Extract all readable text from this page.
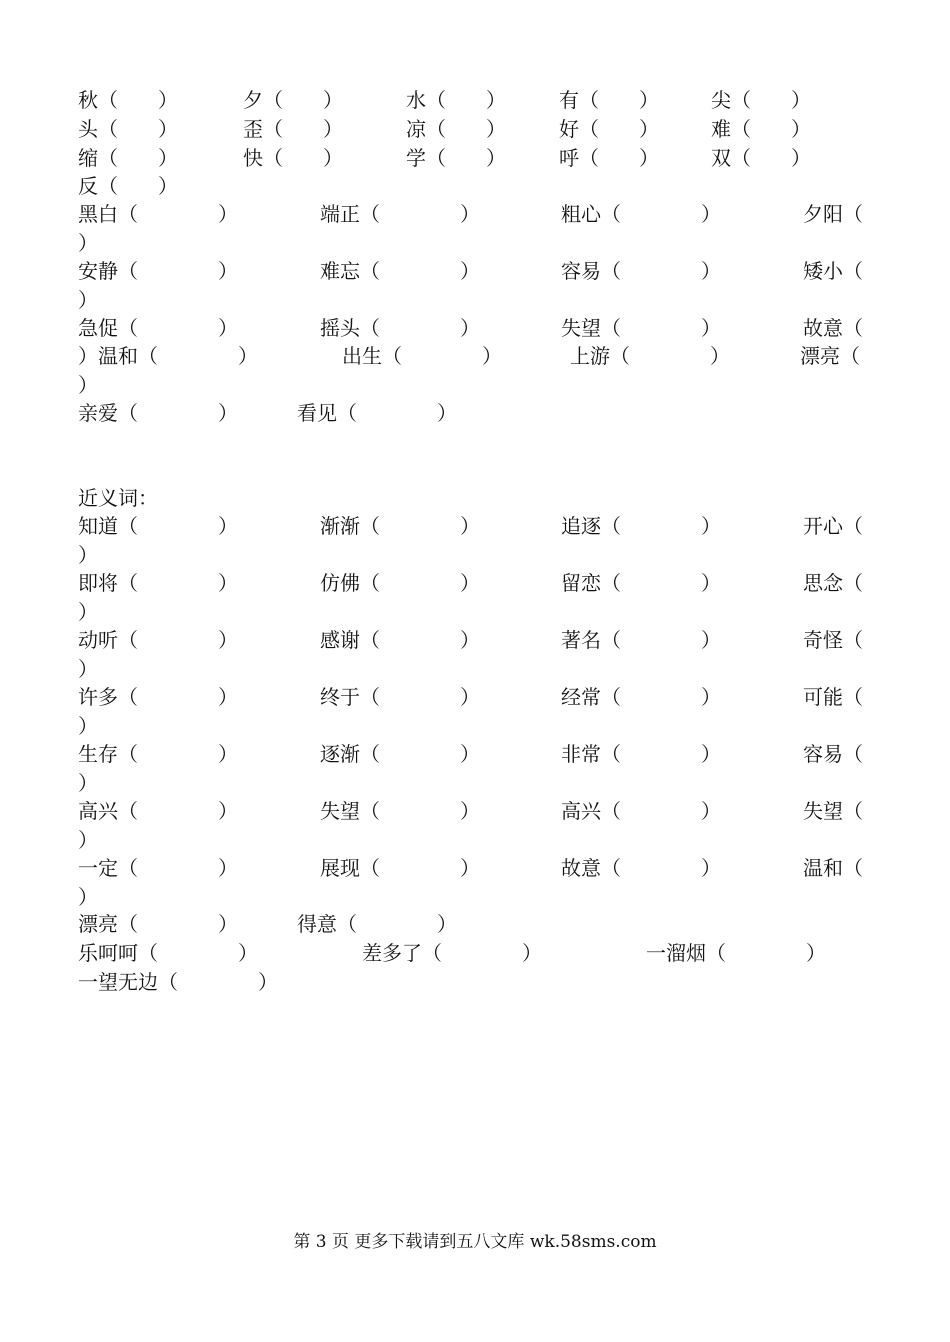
秋（　　）	夕（　　）	水（　　）	有（　　）	尖（　　）
头（　　）	歪（　　）	凉（　　）	好（　　）	难（　　）
缩（　　）	快（　　）	学（　　）	呼（　　）	双（　　）
反（　　）
黑白（　　　　）	端正（　　　　）	粗心（　　　　）	夕阳（
）
安静（　　　　）	难忘（　　　　）	容易（　　　　）	矮小（
）
急促（　　　　）	摇头（　　　　）	失望（　　　　）	故意（
）温和（　　　　）	出生（　　　　）	上游（　　　　）	漂亮（
）
亲爱（　　　　）	看见（　　　　）
近义词：
知道（　　　　）	渐渐（　　　　）	追逐（　　　　）	开心（
）
即将（　　　　）	仿佛（　　　　）	留恋（　　　　）	思念（
）
动听（　　　　）	感谢（　　　　）	著名（　　　　）	奇怪（
）
许多（　　　　）	终于（　　　　）	经常（　　　　）	可能（
）
生存（　　　　）	逐渐（　　　　）	非常（　　　　）	容易（
）
高兴（　　　　）	失望（　　　　）	高兴（　　　　）	失望（
）
一定（　　　　）	展现（　　　　）	故意（　　　　）	温和（
）
漂亮（　　　　）	得意（　　　　）
乐呵呵（　　　　）	差多了（　　　　）	一溜烟（　　　　）
一望无边（　　　　）
第 3 页 更多下载请到五八文库 wk.58sms.com
